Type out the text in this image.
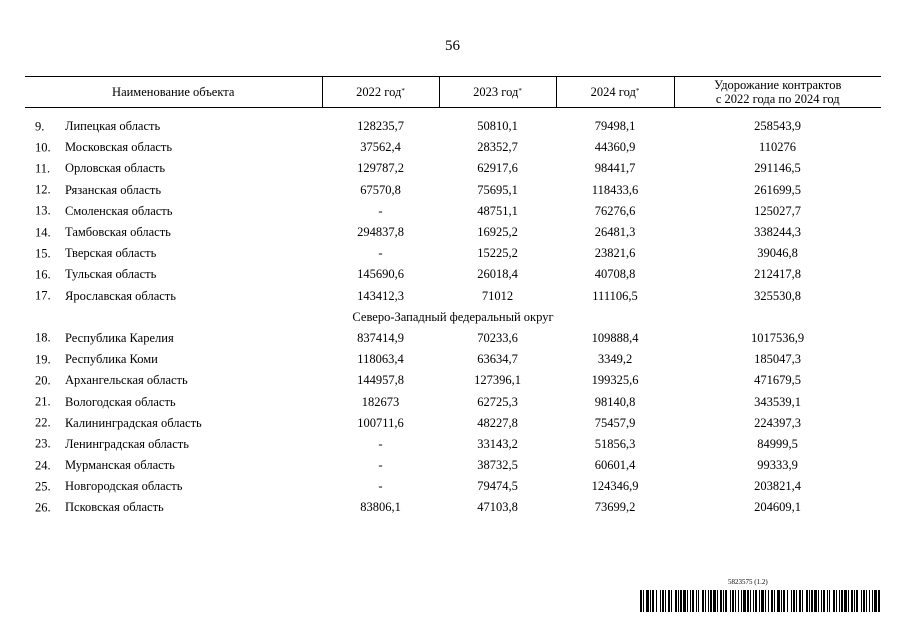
56
Наименование объекта	2022 год*	2023 год*	2024 год*	Удорожание контрактов
с 2022 года по 2024 год

9. Липецкая область	128235,7	50810,1	79498,1	258543,9

10. Московская область	37562,4	28352,7	44360,9	110276

11. Орловская область	129787,2	62917,6	98441,7	291146,5

12. Рязанская область	67570,8	75695,1	118433,6	261699,5

13. Смоленская область	-	48751,1	76276,6	125027,7

14. Тамбовская область	294837,8	16925,2	26481,3	338244,3

15. Тверская область	-	15225,2	23821,6	39046,8

16. Тульская область	145690,6	26018,4	40708,8	212417,8

17. Ярославская область	143412,3	71012	111106,5	325530,8
Северо-Западный федеральный округ				

18. Республика Карелия	837414,9	70233,6	109888,4	1017536,9

19. Республика Коми	118063,4	63634,7	3349,2	185047,3

20. Архангельская область	144957,8	127396,1	199325,6	471679,5

21. Вологодская область	182673	62725,3	98140,8	343539,1

22. Калининградская область	100711,6	48227,8	75457,9	224397,3

23. Ленинградская область	-	33143,2	51856,3	84999,5

24. Мурманская область	-	38732,5	60601,4	99333,9

25. Новгородская область	-	79474,5	124346,9	203821,4

26. Псковская область	83806,1	47103,8	73699,2	204609,1
5823575 (1.2)
